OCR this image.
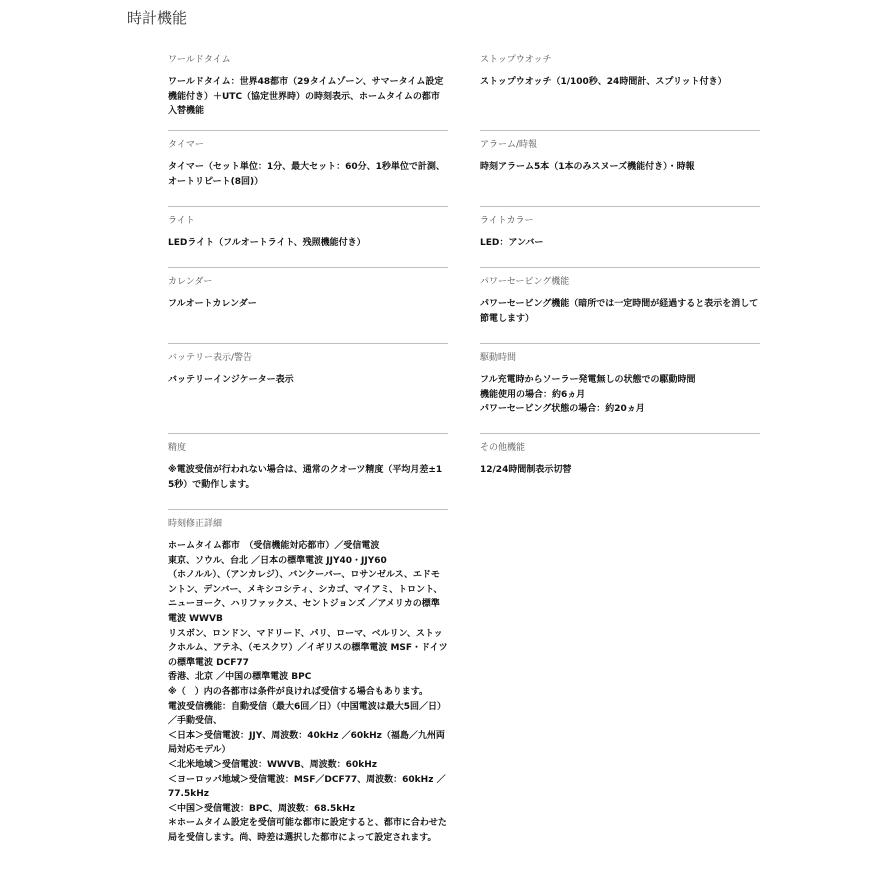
時計機能
ワールドタイム
ワールドタイム：世界48都市（29タイムゾーン、サマータイム設定機能付き）＋UTC（協定世界時）の時刻表示、ホームタイムの都市入替機能
ストップウオッチ
ストップウオッチ（1/100秒、24時間計、スプリット付き）
タイマー
タイマー（セット単位：1分、最大セット：60分、1秒単位で計測、オートリピート(8回)）
アラーム/時報
時刻アラーム5本（1本のみスヌーズ機能付き）・時報
ライト
LEDライト（フルオートライト、残照機能付き）
ライトカラー
LED：アンバー
カレンダー
フルオートカレンダー
パワーセービング機能
パワーセービング機能（暗所では一定時間が経過すると表示を消して節電します）
バッテリー表示/警告
バッテリーインジケーター表示
駆動時間
フル充電時からソーラー発電無しの状態での駆動時間
機能使用の場合：約6ヵ月
パワーセービング状態の場合：約20ヵ月
精度
※電波受信が行われない場合は、通常のクオーツ精度（平均月差±15秒）で動作します。
その他機能
12/24時間制表示切替
時刻修正詳細
ホームタイム都市　（受信機能対応都市）／受信電波
東京、ソウル、台北 ／日本の標準電波 JJY40・JJY60
（ホノルル）、（アンカレジ）、バンクーバー、ロサンゼルス、エドモントン、デンバー、メキシコシティ、シカゴ、マイアミ、トロント、ニューヨーク、ハリファックス、セントジョンズ ／アメリカの標準電波 WWVB
リスボン、ロンドン、マドリード、パリ、ローマ、ベルリン、ストックホルム、アテネ、（モスクワ）／イギリスの標準電波 MSF・ドイツの標準電波 DCF77
香港、北京 ／中国の標準電波 BPC
※（　）内の各都市は条件が良ければ受信する場合もあります。
電波受信機能：自動受信（最大6回／日）（中国電波は最大5回／日）／手動受信、
＜日本＞受信電波：JJY、周波数：40kHz ／60kHz（福島／九州両局対応モデル）
＜北米地域＞受信電波：WWVB、周波数：60kHz
＜ヨーロッパ地域＞受信電波：MSF／DCF77、周波数：60kHz ／77.5kHz
＜中国＞受信電波：BPC、周波数：68.5kHz
＊ホームタイム設定を受信可能な都市に設定すると、都市に合わせた局を受信します。尚、時差は選択した都市によって設定されます。
